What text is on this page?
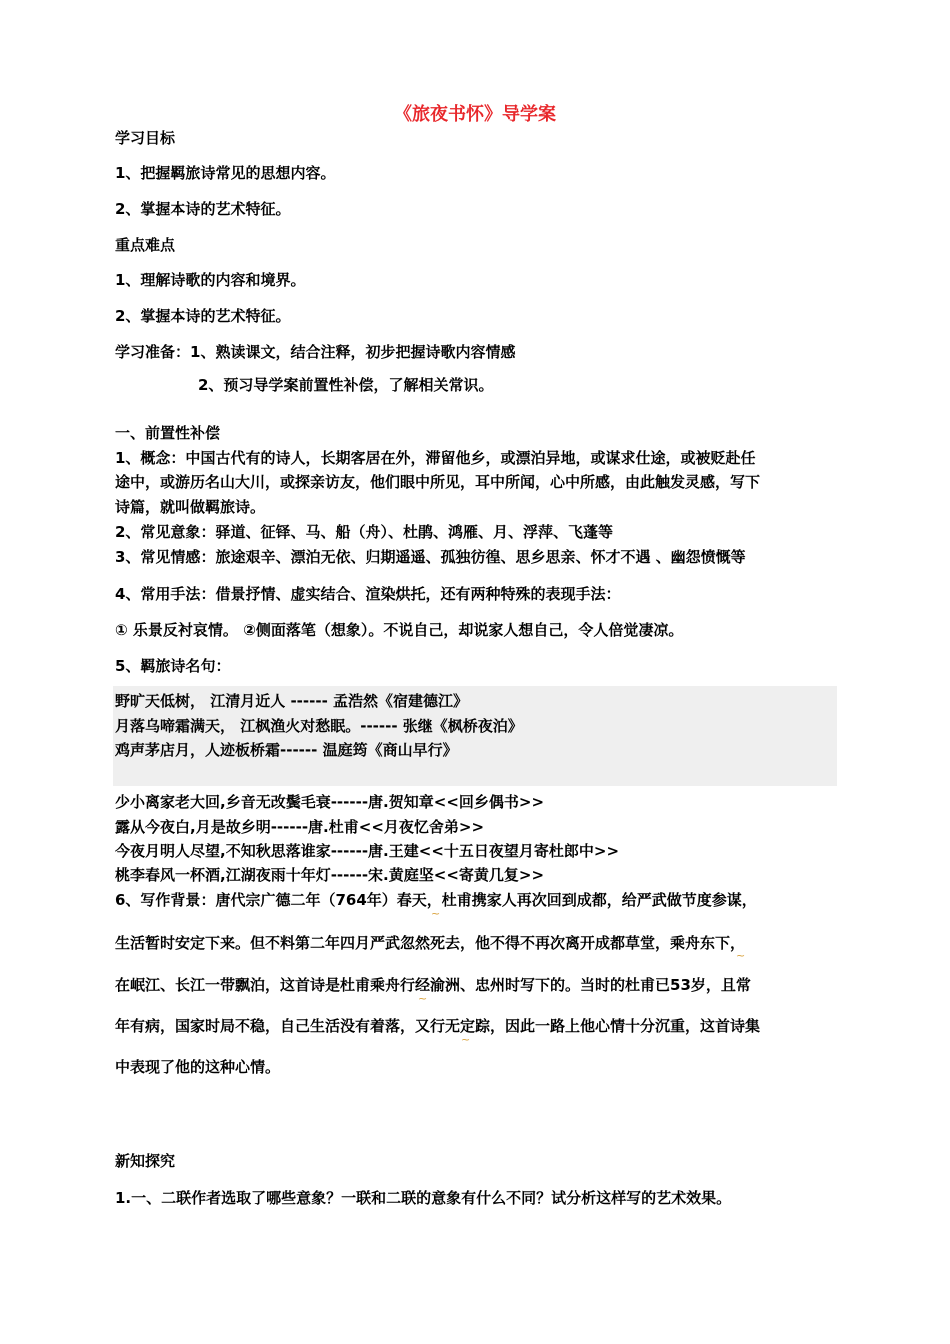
《旅夜书怀》导学案
学习目标
1、把握羁旅诗常见的思想内容。
2、掌握本诗的艺术特征。
重点难点
1、理解诗歌的内容和境界。
2、掌握本诗的艺术特征。
学习准备：1、熟读课文，结合注释，初步把握诗歌内容情感
2、预习导学案前置性补偿，了解相关常识。
一、前置性补偿
1、概念：中国古代有的诗人，长期客居在外，滞留他乡，或漂泊异地，或谋求仕途，或被贬赴任
途中，或游历名山大川，或探亲访友，他们眼中所见，耳中所闻，心中所感，由此触发灵感，写下
诗篇，就叫做羁旅诗。
2、常见意象：驿道、征铎、马、船（舟）、杜鹃、鸿雁、月、浮萍、飞蓬等
3、常见情感：旅途艰辛、漂泊无依、归期遥遥、孤独彷徨、思乡思亲、怀才不遇 、幽怨愤慨等
4、常用手法：借景抒情、虚实结合、渲染烘托，还有两种特殊的表现手法：
① 乐景反衬哀情。 ②侧面落笔（想象）。不说自己，却说家人想自己，令人倍觉凄凉。
5、羁旅诗名句：
野旷天低树， 江清月近人 ------ 孟浩然《宿建德江》
月落乌啼霜满天， 江枫渔火对愁眠。------ 张继《枫桥夜泊》
鸡声茅店月，人迹板桥霜------ 温庭筠《商山早行》
少小离家老大回,乡音无改鬓毛衰------唐.贺知章<<回乡偶书>>
露从今夜白,月是故乡明------唐.杜甫<<月夜忆舍弟>>
今夜月明人尽望,不知秋思落谁家------唐.王建<<十五日夜望月寄杜郎中>>
桃李春风一杯酒,江湖夜雨十年灯------宋.黄庭坚<<寄黄几复>>
6、写作背景：唐代宗广德二年（764年）春天，杜甫携家人再次回到成都，给严武做节度参谋，
生活暂时安定下来。但不料第二年四月严武忽然死去，他不得不再次离开成都草堂，乘舟东下，
在岷江、长江一带飘泊，这首诗是杜甫乘舟行经渝洲、忠州时写下的。当时的杜甫已53岁，且常
年有病，国家时局不稳，自己生活没有着落，又行无定踪，因此一路上他心情十分沉重，这首诗集
中表现了他的这种心情。
~
~
~
~
新知探究
1.一、二联作者选取了哪些意象？一联和二联的意象有什么不同？试分析这样写的艺术效果。
